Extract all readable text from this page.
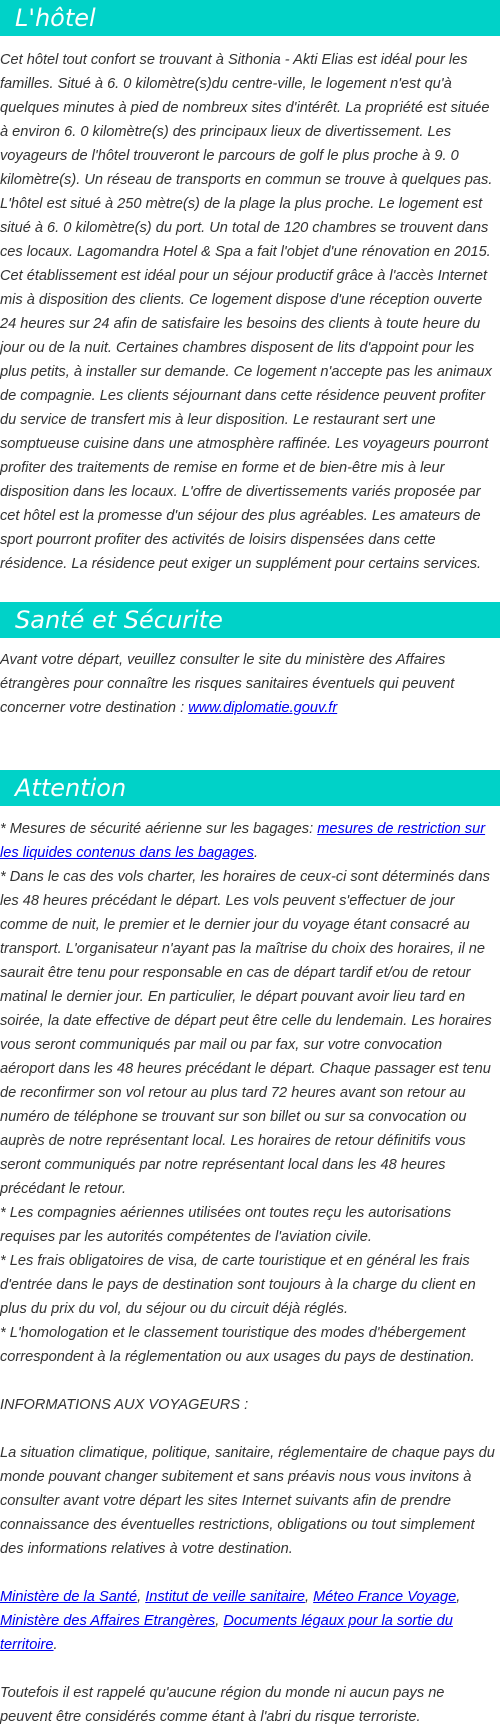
L'hôtel

Cet hôtel tout confort se trouvant à Sithonia - Akti Elias est idéal pour les familles. Situé à 6. 0 kilomètre(s)du centre-ville, le logement n'est qu'à quelques minutes à pied de nombreux sites d'intérêt. La propriété est située à environ 6. 0 kilomètre(s) des principaux lieux de divertissement. Les voyageurs de l'hôtel trouveront le parcours de golf le plus proche à 9. 0 kilomètre(s). Un réseau de transports en commun se trouve à quelques pas. L'hôtel est situé à 250 mètre(s) de la plage la plus proche. Le logement est situé à 6. 0 kilomètre(s) du port. Un total de 120 chambres se trouvent dans ces locaux. Lagomandra Hotel & Spa a fait l'objet d'une rénovation en 2015. Cet établissement est idéal pour un séjour productif grâce à l'accès Internet mis à disposition des clients. Ce logement dispose d'une réception ouverte 24 heures sur 24 afin de satisfaire les besoins des clients à toute heure du jour ou de la nuit. Certaines chambres disposent de lits d'appoint pour les plus petits, à installer sur demande. Ce logement n'accepte pas les animaux de compagnie. Les clients séjournant dans cette résidence peuvent profiter du service de transfert mis à leur disposition. Le restaurant sert une somptueuse cuisine dans une atmosphère raffinée. Les voyageurs pourront profiter des traitements de remise en forme et de bien-être mis à leur disposition dans les locaux. L'offre de divertissements variés proposée par cet hôtel est la promesse d'un séjour des plus agréables. Les amateurs de sport pourront profiter des activités de loisirs dispensées dans cette résidence. La résidence peut exiger un supplément pour certains services.

Santé et Sécurite

Avant votre départ, veuillez consulter le site du ministère des Affaires étrangères pour connaître les risques sanitaires éventuels qui peuvent concerner votre destination : www.diplomatie.gouv.fr

Attention

* Mesures de sécurité aérienne sur les bagages: mesures de restriction sur les liquides contenus dans les bagages.

* Dans le cas des vols charter, les horaires de ceux-ci sont déterminés dans les 48 heures précédant le départ. Les vols peuvent s'effectuer de jour comme de nuit, le premier et le dernier jour du voyage étant consacré au transport. L'organisateur n'ayant pas la maîtrise du choix des horaires, il ne saurait être tenu pour responsable en cas de départ tardif et/ou de retour matinal le dernier jour. En particulier, le départ pouvant avoir lieu tard en soirée, la date effective de départ peut être celle du lendemain. Les horaires vous seront communiqués par mail ou par fax, sur votre convocation aéroport dans les 48 heures précédant le départ. Chaque passager est tenu de reconfirmer son vol retour au plus tard 72 heures avant son retour au numéro de téléphone se trouvant sur son billet ou sur sa convocation ou auprès de notre représentant local. Les horaires de retour définitifs vous seront communiqués par notre représentant local dans les 48 heures précédant le retour.

* Les compagnies aériennes utilisées ont toutes reçu les autorisations requises par les autorités compétentes de l'aviation civile.

* Les frais obligatoires de visa, de carte touristique et en général les frais d'entrée dans le pays de destination sont toujours à la charge du client en plus du prix du vol, du séjour ou du circuit déjà réglés.

* L'homologation et le classement touristique des modes d'hébergement correspondent à la réglementation ou aux usages du pays de destination.

INFORMATIONS AUX VOYAGEURS :

La situation climatique, politique, sanitaire, réglementaire de chaque pays du monde pouvant changer subitement et sans préavis nous vous invitons à consulter avant votre départ les sites Internet suivants afin de prendre connaissance des éventuelles restrictions, obligations ou tout simplement des informations relatives à votre destination.

Ministère de la Santé, Institut de veille sanitaire, Méteo France Voyage, Ministère des Affaires Etrangères, Documents légaux pour la sortie du territoire.

Toutefois il est rappelé qu'aucune région du monde ni aucun pays ne peuvent être considérés comme étant à l'abri du risque terroriste.
